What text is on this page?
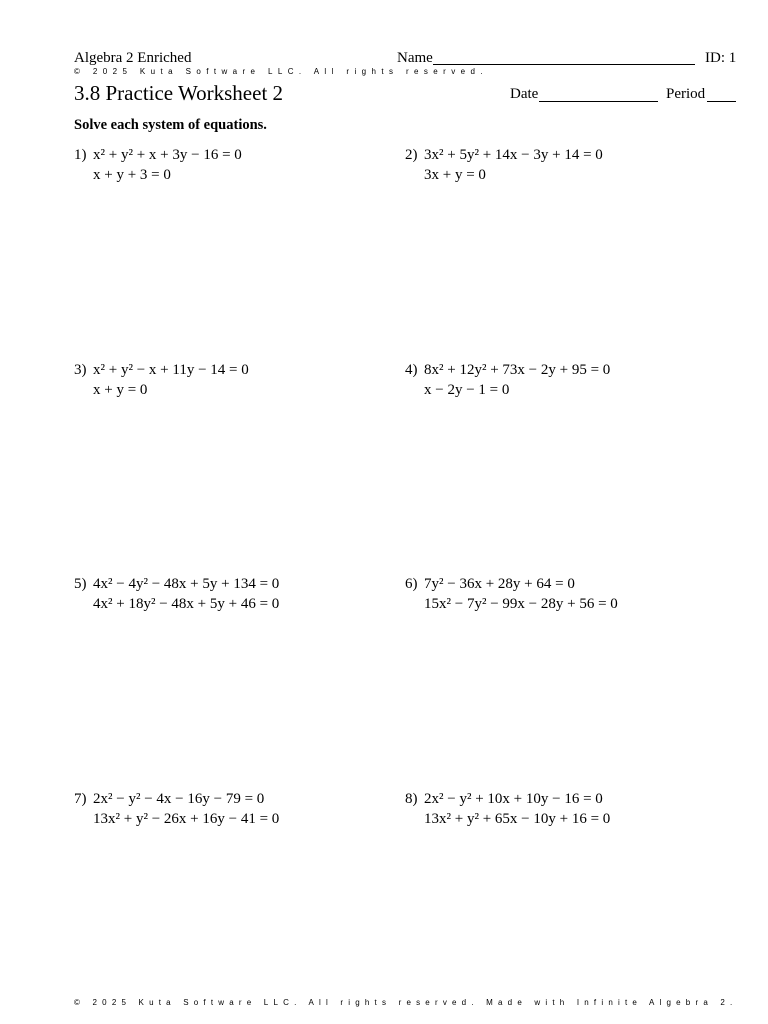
Algebra 2 Enriched	Name	ID: 1
© 2025 Kuta Software LLC. All rights reserved.
3.8 Practice Worksheet 2	Date	Period
Solve each system of equations.
1) x² + y² + x + 3y − 16 = 0
x + y + 3 = 0
2) 3x² + 5y² + 14x − 3y + 14 = 0
3x + y = 0
3) x² + y² − x + 11y − 14 = 0
x + y = 0
4) 8x² + 12y² + 73x − 2y + 95 = 0
x − 2y − 1 = 0
5) 4x² − 4y² − 48x + 5y + 134 = 0
4x² + 18y² − 48x + 5y + 46 = 0
6) 7y² − 36x + 28y + 64 = 0
15x² − 7y² − 99x − 28y + 56 = 0
7) 2x² − y² − 4x − 16y − 79 = 0
13x² + y² − 26x + 16y − 41 = 0
8) 2x² − y² + 10x + 10y − 16 = 0
13x² + y² + 65x − 10y + 16 = 0
© 2025 Kuta Software LLC. All rights reserved. Made with Infinite Algebra 2.
